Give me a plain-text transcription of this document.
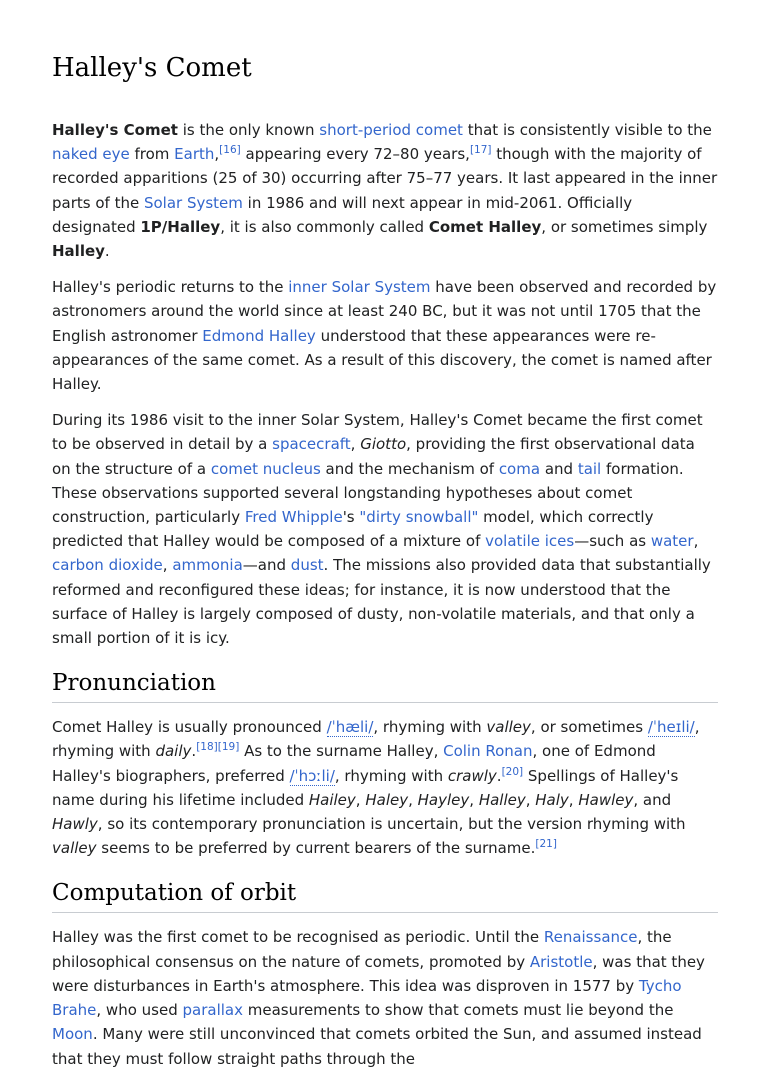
Halley's Comet

Halley's Comet is the only known short-period comet that is consistently visible to the naked eye from Earth,[16] appearing every 72–80 years,[17] though with the majority of recorded apparitions (25 of 30) occurring after 75–77 years. It last appeared in the inner parts of the Solar System in 1986 and will next appear in mid-2061. Officially designated 1P/Halley, it is also commonly called Comet Halley, or sometimes simply Halley.

Halley's periodic returns to the inner Solar System have been observed and recorded by astronomers around the world since at least 240 BC, but it was not until 1705 that the English astronomer Edmond Halley understood that these appearances were re-appearances of the same comet. As a result of this discovery, the comet is named after Halley.

During its 1986 visit to the inner Solar System, Halley's Comet became the first comet to be observed in detail by a spacecraft, Giotto, providing the first observational data on the structure of a comet nucleus and the mechanism of coma and tail formation. These observations supported several longstanding hypotheses about comet construction, particularly Fred Whipple's "dirty snowball" model, which correctly predicted that Halley would be composed of a mixture of volatile ices—such as water, carbon dioxide, ammonia—and dust. The missions also provided data that substantially reformed and reconfigured these ideas; for instance, it is now understood that the surface of Halley is largely composed of dusty, non-volatile materials, and that only a small portion of it is icy.

Pronunciation

Comet Halley is usually pronounced /ˈhæli/, rhyming with valley, or sometimes /ˈheɪli/, rhyming with daily.[18][19] As to the surname Halley, Colin Ronan, one of Edmond Halley's biographers, preferred /ˈhɔːli/, rhyming with crawly.[20] Spellings of Halley's name during his lifetime included Hailey, Haley, Hayley, Halley, Haly, Hawley, and Hawly, so its contemporary pronunciation is uncertain, but the version rhyming with valley seems to be preferred by current bearers of the surname.[21]

Computation of orbit

Halley was the first comet to be recognised as periodic. Until the Renaissance, the philosophical consensus on the nature of comets, promoted by Aristotle, was that they were disturbances in Earth's atmosphere. This idea was disproven in 1577 by Tycho Brahe, who used parallax measurements to show that comets must lie beyond the Moon. Many were still unconvinced that comets orbited the Sun, and assumed instead that they must follow straight paths through the
